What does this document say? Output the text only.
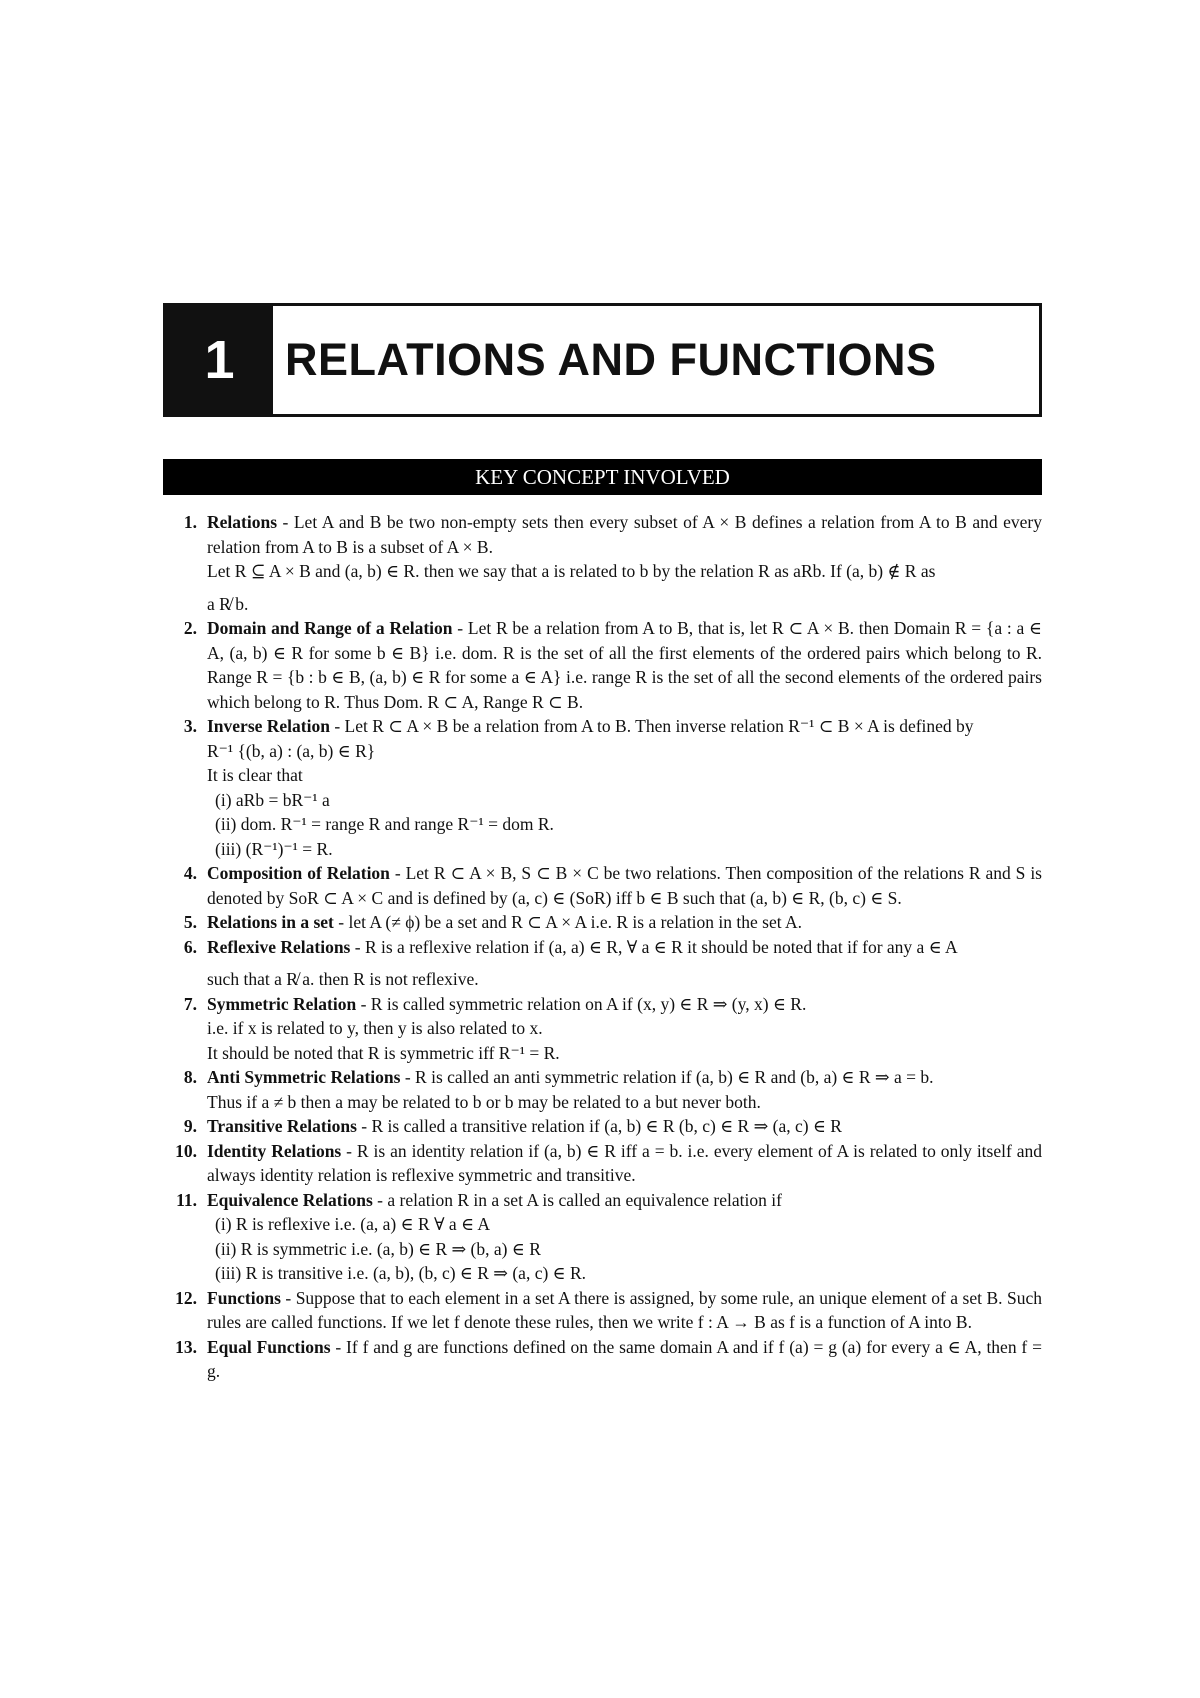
1	RELATIONS AND FUNCTIONS
KEY CONCEPT INVOLVED
1. Relations - Let A and B be two non-empty sets then every subset of A × B defines a relation from A to B and every relation from A to B is a subset of A × B.
Let R ⊆ A × B and (a, b) ∈ R. then we say that a is related to b by the relation R as aRb. If (a, b) ∉ R as
a R̸ b.
2. Domain and Range of a Relation - Let R be a relation from A to B, that is, let R ⊂ A × B. then Domain R = {a : a ∈ A, (a, b) ∈ R for some b ∈ B} i.e. dom. R is the set of all the first elements of the ordered pairs which belong to R. Range R = {b : b ∈ B, (a, b) ∈ R for some a ∈ A} i.e. range R is the set of all the second elements of the ordered pairs which belong to R. Thus Dom. R ⊂ A, Range R ⊂ B.
3. Inverse Relation - Let R ⊂ A × B be a relation from A to B. Then inverse relation R⁻¹ ⊂ B × A is defined by
R⁻¹ {(b, a) : (a, b) ∈ R}
It is clear that
(i) aRb = bR⁻¹ a
(ii) dom. R⁻¹ = range R and range R⁻¹ = dom R.
(iii) (R⁻¹)⁻¹ = R.
4. Composition of Relation - Let R ⊂ A × B, S ⊂ B × C be two relations. Then composition of the relations R and S is denoted by SoR ⊂ A × C and is defined by (a, c) ∈ (SoR) iff b ∈ B such that (a, b) ∈ R, (b, c) ∈ S.
5. Relations in a set - let A (≠ ϕ) be a set and R ⊂ A × A i.e. R is a relation in the set A.
6. Reflexive Relations - R is a reflexive relation if (a, a) ∈ R, ∀ a ∈ R it should be noted that if for any a ∈ A
such that a R̸ a. then R is not reflexive.
7. Symmetric Relation - R is called symmetric relation on A if (x, y) ∈ R ⇒ (y, x) ∈ R.
i.e. if x is related to y, then y is also related to x.
It should be noted that R is symmetric iff R⁻¹ = R.
8. Anti Symmetric Relations - R is called an anti symmetric relation if (a, b) ∈ R and (b, a) ∈ R ⇒ a = b.
Thus if a ≠ b then a may be related to b or b may be related to a but never both.
9. Transitive Relations - R is called a transitive relation if (a, b) ∈ R (b, c) ∈ R ⇒ (a, c) ∈ R
10. Identity Relations - R is an identity relation if (a, b) ∈ R iff a = b. i.e. every element of A is related to only itself and always identity relation is reflexive symmetric and transitive.
11. Equivalence Relations - a relation R in a set A is called an equivalence relation if
(i) R is reflexive i.e. (a, a) ∈ R ∀ a ∈ A
(ii) R is symmetric i.e. (a, b) ∈ R ⇒ (b, a) ∈ R
(iii) R is transitive i.e. (a, b), (b, c) ∈ R ⇒ (a, c) ∈ R.
12. Functions - Suppose that to each element in a set A there is assigned, by some rule, an unique element of a set B. Such rules are called functions. If we let f denote these rules, then we write f : A → B as f is a function of A into B.
13. Equal Functions - If f and g are functions defined on the same domain A and if f (a) = g (a) for every a ∈ A, then f = g.
